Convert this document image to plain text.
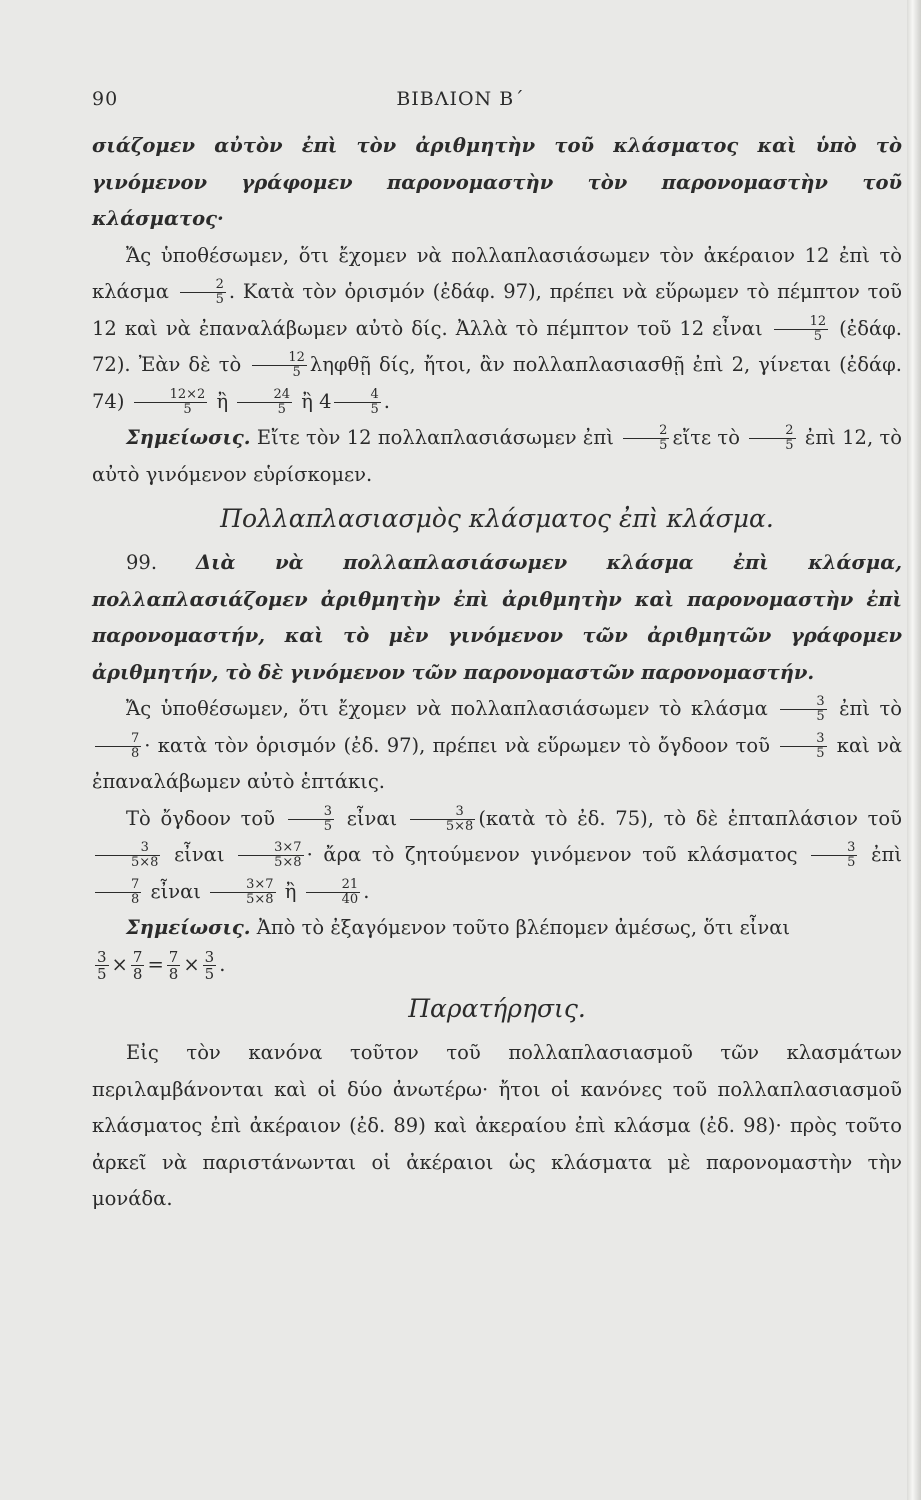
90	ΒΙΒΛΙΟΝ Β΄

σιάζομεν αὐτὸν ἐπὶ τὸν ἀριθμητὴν τοῦ κλάσματος καὶ ὑπὸ τὸ γινόμενον γράφομεν παρονομαστὴν τὸν παρονομαστὴν τοῦ κλάσματος·

Ἄς ὑποθέσωμεν, ὅτι ἔχομεν νὰ πολλαπλασιάσωμεν τὸν ἀκέραιον 12 ἐπὶ τὸ κλάσμα $\frac{2}{5}$ . Κατὰ τὸν ὁρισμόν (ἐδάφ. 97), πρέπει νὰ εὕρωμεν τὸ πέμπτον τοῦ 12 καὶ νὰ ἐπαναλάβωμεν αὐτὸ δίς. Ἀλλὰ τὸ πέμπτον τοῦ 12 εἶναι $\frac{12}{5}$ (ἐδάφ. 72). Ἐὰν δὲ τὸ $\frac{12}{5}$ ληφθῇ δίς, ἤτοι, ἂν πολλαπλασιασθῇ ἐπὶ 2, γίνεται (ἐδάφ. $74) \frac{12\times 2}{5}$ ἢ $\frac{24}{5}$ ἢ $4 \frac{4}{5}$ .

Σημείωσις. Εἴτε τὸν 12 πολλαπλασιάσωμεν ἐπὶ $\frac{2}{5}$ εἴτε τὸ $\frac{2}{5}$ ἐπὶ 12, τὸ αὐτὸ γινόμενον εὑρίσκομεν.

Πολλαπλασιασμὸς κλάσματος ἐπὶ κλάσμα.

99. Διὰ νὰ πολλαπλασιάσωμεν κλάσμα ἐπὶ κλάσμα, πολλαπλασιάζομεν ἀριθμητὴν ἐπὶ ἀριθμητὴν καὶ παρονομαστὴν ἐπὶ παρονομαστήν, καὶ τὸ μὲν γινόμενον τῶν ἀριθμητῶν γράφομεν ἀριθμητήν, τὸ δὲ γινόμενον τῶν παρονομαστῶν παρονομαστήν.

Ἄς ὑποθέσωμεν, ὅτι ἔχομεν νὰ πολλαπλασιάσωμεν τὸ κλάσμα $\frac{3}{5}$ ἐπὶ τὸ
$\frac{7}{8}$ · κατὰ τὸν ὁρισμόν (ἐδ. 97), πρέπει νὰ εὕρωμεν τὸ ὄγδοον τοῦ $\frac{3}{5}$ καὶ νὰ ἐπαναλάβωμεν αὐτὸ ἑπτάκις.

Τὸ ὄγδοον τοῦ $\frac{3}{5}$ εἶναι $\frac{3}{5\times 8}$ (κατὰ τὸ ἐδ. 75), τὸ δὲ ἑπταπλάσιον τοῦ
$\frac{3}{5\times 8}$ εἶναι $\frac{3\times 7}{5\times 8}$ · ἄρα τὸ ζητούμενον γινόμενον τοῦ κλάσματος $\frac{3}{5}$ ἐπὶ
$\frac{7}{8}$ εἶναι $\frac{3\times 7}{5\times 8}$ ἢ $\frac{21}{40}$ .

Σημείωσις. Ἀπὸ τὸ ἐξαγόμενον τοῦτο βλέπομεν ἀμέσως, ὅτι εἶναι

$\frac{3}{5} \times \frac{7}{8} = \frac{7}{8} \times \frac{3}{5}$ .

Παρατήρησις.

Εἰς τὸν κανόνα τοῦτον τοῦ πολλαπλασιασμοῦ τῶν κλασμάτων περιλαμβάνονται καὶ οἱ δύο ἀνωτέρω· ἤτοι οἱ κανόνες τοῦ πολλαπλασιασμοῦ κλάσματος ἐπὶ ἀκέραιον (ἐδ. 89) καὶ ἀκεραίου ἐπὶ κλάσμα (ἐδ. 98)· πρὸς τοῦτο ἀρκεῖ νὰ παριστάνωνται οἱ ἀκέραιοι ὡς κλάσματα μὲ παρονομαστὴν τὴν μονάδα.
